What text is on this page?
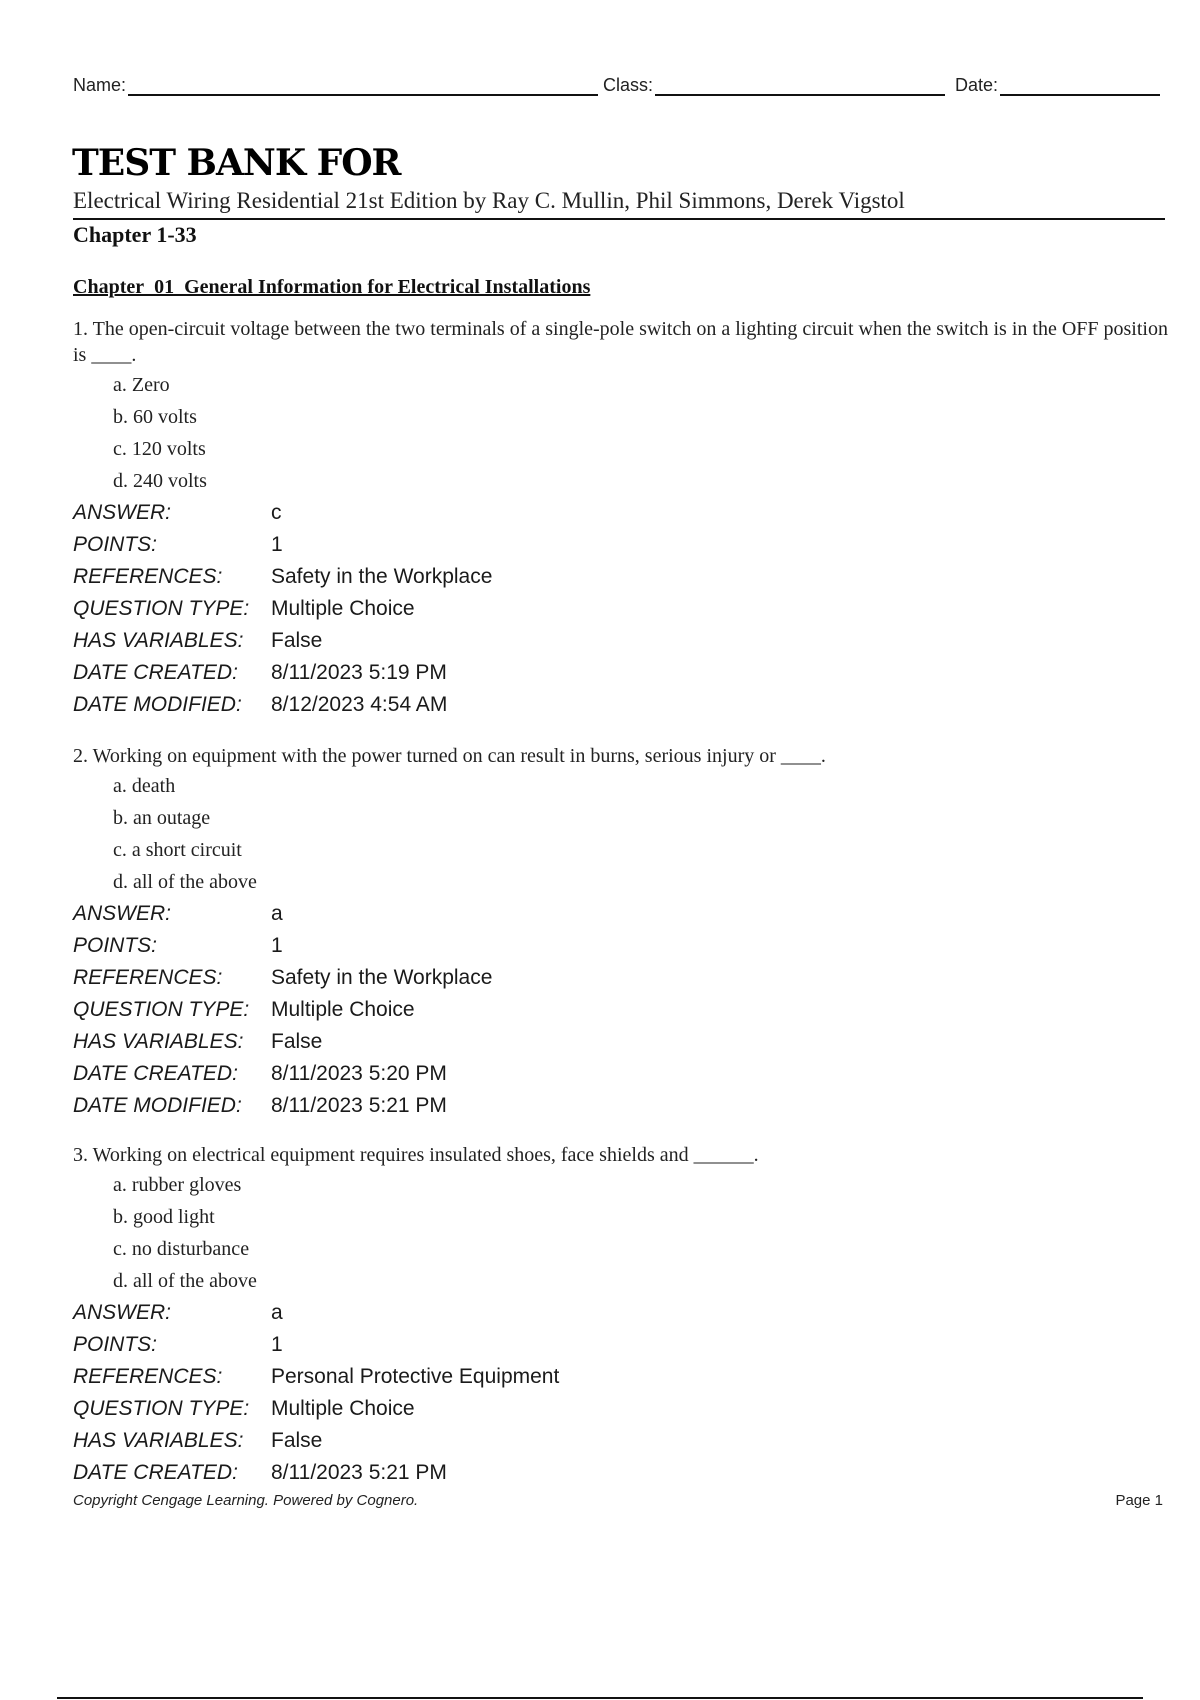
Name:	Class:	Date:
TEST BANK FOR
Electrical Wiring Residential 21st Edition by Ray C. Mullin, Phil Simmons, Derek Vigstol
Chapter 1-33
Chapter_01_General Information for Electrical Installations
1. The open-circuit voltage between the two terminals of a single-pole switch on a lighting circuit when the switch is in the OFF position is ____.
a. Zero
b. 60 volts
c. 120 volts
d. 240 volts
ANSWER:	c
POINTS:	1
REFERENCES:	Safety in the Workplace
QUESTION TYPE:	Multiple Choice
HAS VARIABLES:	False
DATE CREATED:	8/11/2023 5:19 PM
DATE MODIFIED:	8/12/2023 4:54 AM
2. Working on equipment with the power turned on can result in burns, serious injury or ____.
a. death
b. an outage
c. a short circuit
d. all of the above
ANSWER:	a
POINTS:	1
REFERENCES:	Safety in the Workplace
QUESTION TYPE:	Multiple Choice
HAS VARIABLES:	False
DATE CREATED:	8/11/2023 5:20 PM
DATE MODIFIED:	8/11/2023 5:21 PM
3. Working on electrical equipment requires insulated shoes, face shields and ______.
a. rubber gloves
b. good light
c. no disturbance
d. all of the above
ANSWER:	a
POINTS:	1
REFERENCES:	Personal Protective Equipment
QUESTION TYPE:	Multiple Choice
HAS VARIABLES:	False
DATE CREATED:	8/11/2023 5:21 PM
Copyright Cengage Learning. Powered by Cognero.	Page 1
